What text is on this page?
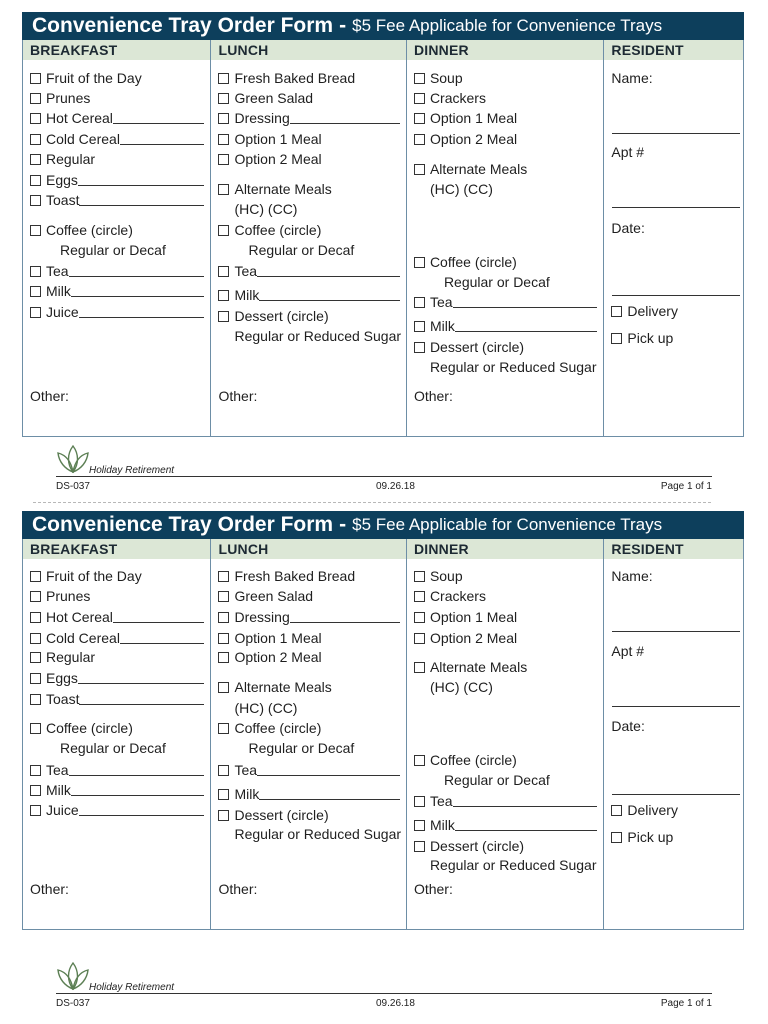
Convenience Tray Order Form - $5 Fee Applicable for Convenience Trays
BREAKFAST
Fruit of the Day
Prunes
Hot Cereal
Cold Cereal
Regular
Eggs
Toast
Coffee (circle)
Regular or Decaf
Tea
Milk
Juice
Other:
LUNCH
Fresh Baked Bread
Green Salad
Dressing
Option 1 Meal
Option 2 Meal
Alternate Meals
(HC) (CC)
Coffee (circle)
Regular or Decaf
Tea
Milk
Dessert (circle)
Regular or Reduced Sugar
Other:
DINNER
Soup
Crackers
Option 1 Meal
Option 2 Meal
Alternate Meals
(HC) (CC)
Coffee (circle)
Regular or Decaf
Tea
Milk
Dessert (circle)
Regular or Reduced Sugar
Other:
RESIDENT
Name:
Apt #
Date:
Delivery
Pick up
Holiday Retirement
DS-037	09.26.18	Page 1 of 1
Convenience Tray Order Form - $5 Fee Applicable for Convenience Trays
BREAKFAST
Fruit of the Day
Prunes
Hot Cereal
Cold Cereal
Regular
Eggs
Toast
Coffee (circle)
Regular or Decaf
Tea
Milk
Juice
Other:
LUNCH
Fresh Baked Bread
Green Salad
Dressing
Option 1 Meal
Option 2 Meal
Alternate Meals
(HC) (CC)
Coffee (circle)
Regular or Decaf
Tea
Milk
Dessert (circle)
Regular or Reduced Sugar
Other:
DINNER
Soup
Crackers
Option 1 Meal
Option 2 Meal
Alternate Meals
(HC) (CC)
Coffee (circle)
Regular or Decaf
Tea
Milk
Dessert (circle)
Regular or Reduced Sugar
Other:
RESIDENT
Name:
Apt #
Date:
Delivery
Pick up
Holiday Retirement
DS-037	09.26.18	Page 1 of 1
